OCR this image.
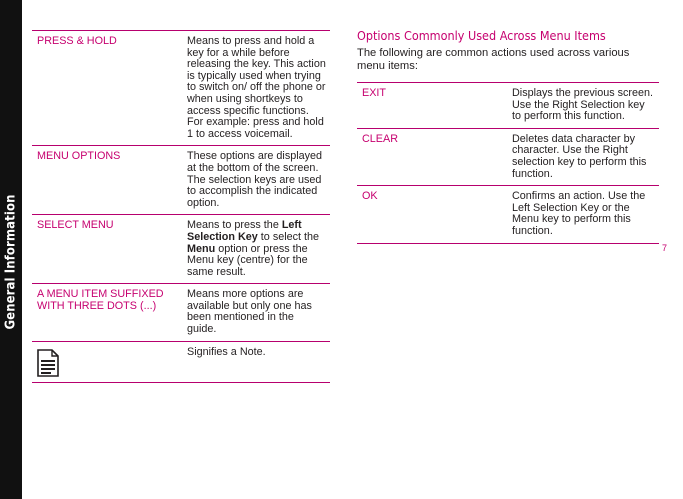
General Information
PRESS & HOLD	Means to press and hold a key for a while before releasing the key. This action is typically used when trying to switch on/ off the phone or when using shortkeys to access specific functions. For example: press and hold 1 to access voicemail.
MENU OPTIONS	These options are displayed at the bottom of the screen. The selection keys are used to accomplish the indicated option.
SELECT MENU	Means to press the Left Selection Key to select the Menu option or press the Menu key (centre) for the same result.
A MENU ITEM SUFFIXED WITH THREE DOTS (...)	Means more options are available but only one has been mentioned in the guide.

	Signifies a Note.
Options Commonly Used Across Menu Items

The following are common actions used across various menu items:

EXIT	Displays the previous screen. Use the Right Selection key to perform this function.
CLEAR	Deletes data character by character. Use the Right selection key to perform this function.
OK	Confirms an action. Use the Left Selection Key or the Menu key to perform this function.
7
